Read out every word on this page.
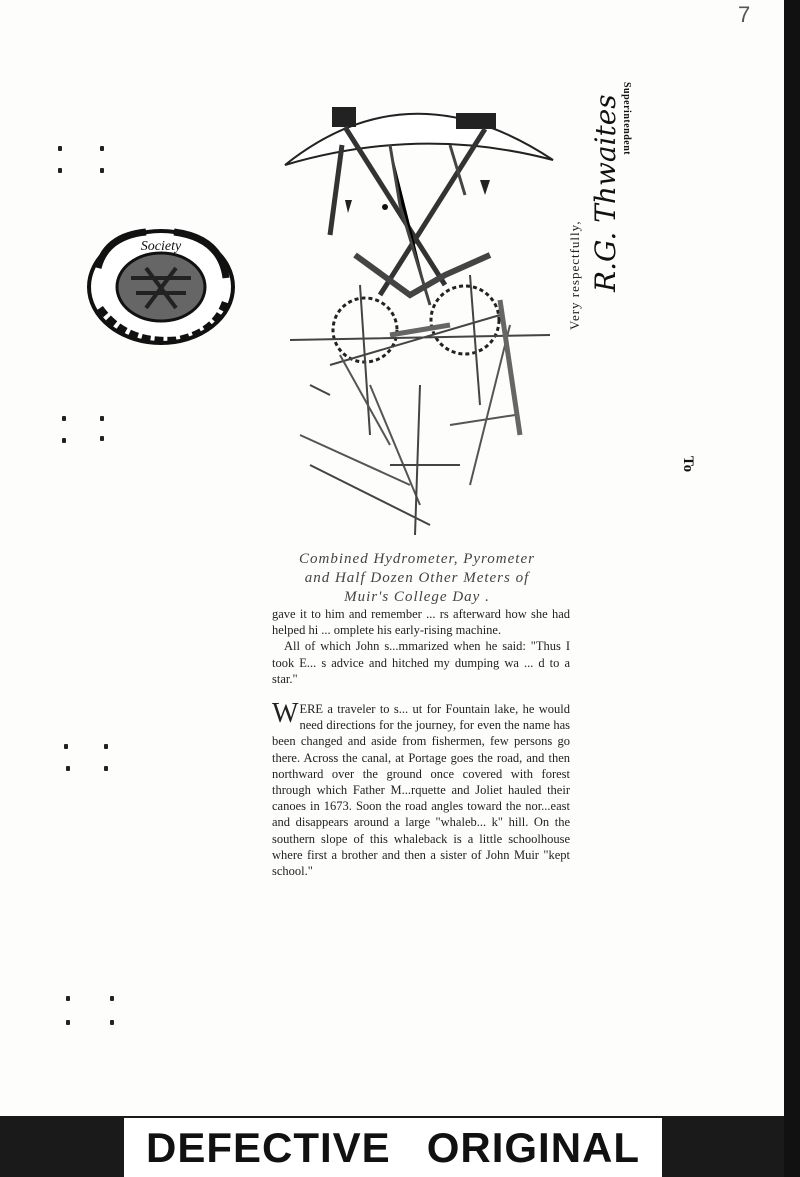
7
Society
Combined Hydrometer, Pyrometer
and Half Dozen Other Meters of
Muir's College Day .

gave it to him and remember ... rs afterward how she had helped hi ... omplete his early-rising machine.

All of which John s...mmarized when he said: "Thus I took E... s advice and hitched my dumping wa ... d to a star."

WERE a traveler to s... ut for Fountain lake, he would need directions for the journey, for even the name has been changed and aside from fishermen, few persons go there. Across the canal, at Portage goes the road, and then northward over the ground once covered with forest through which Father M...rquette and Joliet hauled their canoes in 1673. Soon the road angles toward the nor...east and disappears around a large "whaleb... k" hill. On the southern slope of this whaleback is a little schoolhouse where first a brother and then a sister of John Muir "kept school."

Very respectfully, R.G. Thwaites Superintendent
To
DEFECTIVE ORIGINAL
